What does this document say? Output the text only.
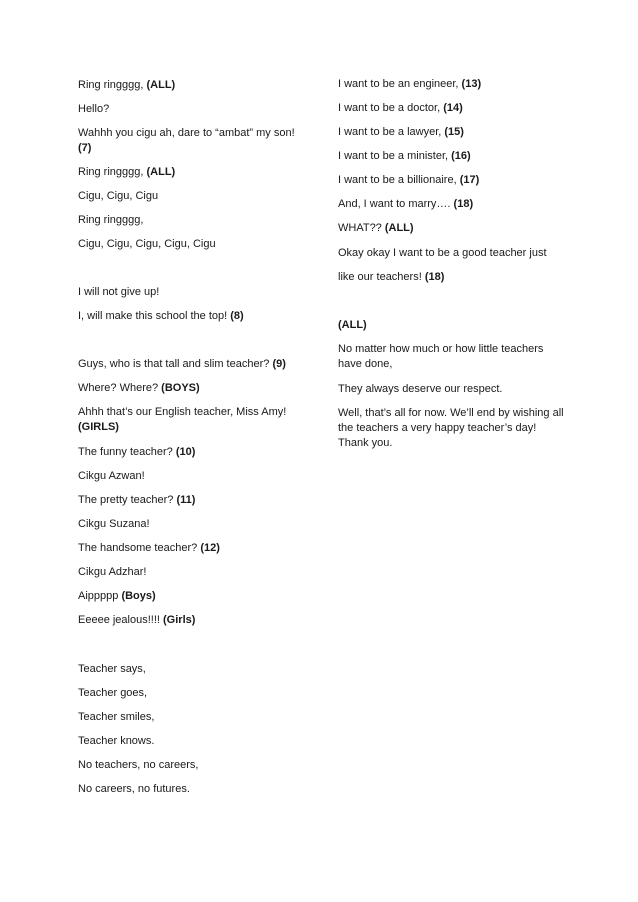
Ring ringggg, (ALL)
Hello?
Wahhh you cigu ah, dare to “ambat” my son!
(7)
Ring ringggg, (ALL)
Cigu, Cigu, Cigu
Ring ringggg,
Cigu, Cigu, Cigu, Cigu, Cigu
I will not give up!
I, will make this school the top! (8)
Guys, who is that tall and slim teacher? (9)
Where? Where? (BOYS)
Ahhh that’s our English teacher, Miss Amy!
(GIRLS)
The funny teacher? (10)
Cikgu Azwan!
The pretty teacher? (11)
Cikgu Suzana!
The handsome teacher? (12)
Cikgu Adzhar!
Aippppp (Boys)
Eeeee jealous!!!! (Girls)
Teacher says,
Teacher goes,
Teacher smiles,
Teacher knows.
No teachers, no careers,
No careers, no futures.
I want to be an engineer, (13)
I want to be a doctor, (14)
I want to be a lawyer, (15)
I want to be a minister, (16)
I want to be a billionaire, (17)
And, I want to marry…. (18)
WHAT?? (ALL)
Okay okay I want to be a good teacher just
like our teachers! (18)
(ALL)
No matter how much or how little teachers have done,
They always deserve our respect.
Well, that’s all for now. We’ll end by wishing all the teachers a very happy teacher’s day! Thank you.
